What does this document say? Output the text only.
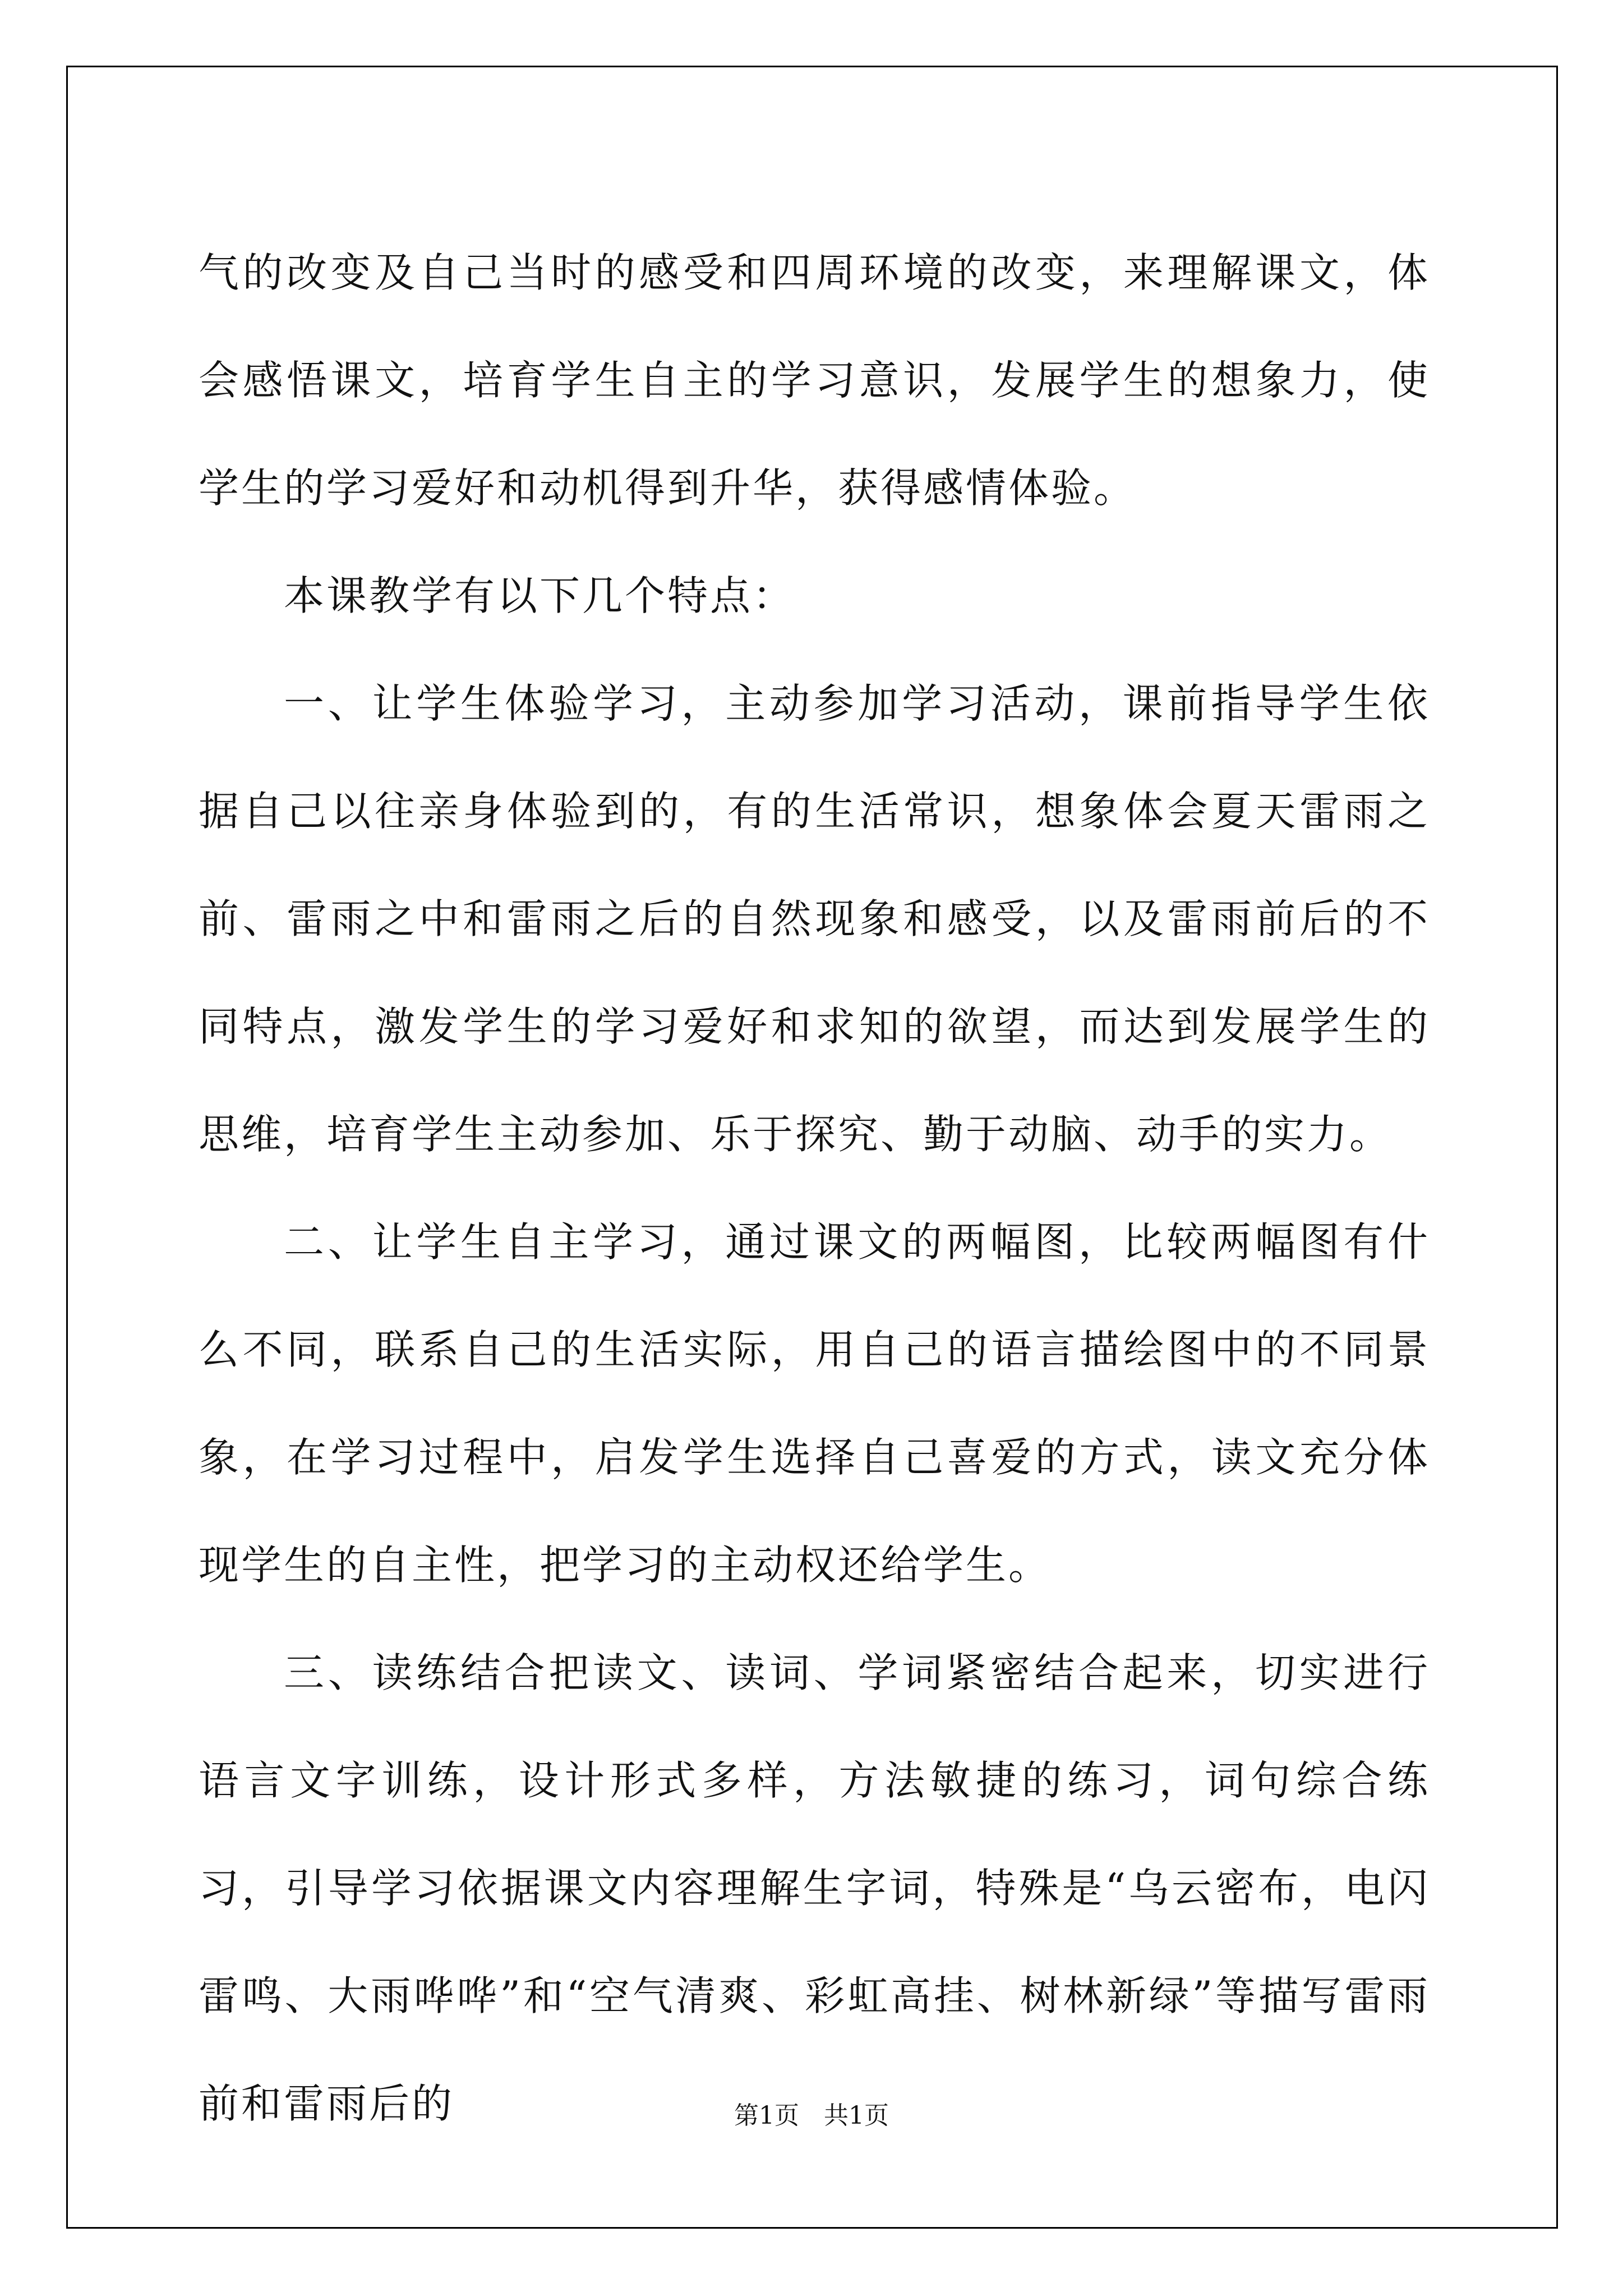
气的改变及自己当时的感受和四周环境的改变，来理解课文，体会感悟课文，培育学生自主的学习意识，发展学生的想象力，使学生的学习爱好和动机得到升华，获得感情体验。

本课教学有以下几个特点：

一、让学生体验学习，主动参加学习活动，课前指导学生依据自己以往亲身体验到的，有的生活常识，想象体会夏天雷雨之前、雷雨之中和雷雨之后的自然现象和感受，以及雷雨前后的不同特点，激发学生的学习爱好和求知的欲望，而达到发展学生的思维，培育学生主动参加、乐于探究、勤于动脑、动手的实力。

二、让学生自主学习，通过课文的两幅图，比较两幅图有什么不同，联系自己的生活实际，用自己的语言描绘图中的不同景象，在学习过程中，启发学生选择自己喜爱的方式，读文充分体现学生的自主性，把学习的主动权还给学生。

三、读练结合把读文、读词、学词紧密结合起来，切实进行语言文字训练，设计形式多样，方法敏捷的练习，词句综合练习，引导学习依据课文内容理解生字词，特殊是“乌云密布，电闪雷鸣、大雨哗哗”和“空气清爽、彩虹高挂、树林新绿”等描写雷雨前和雷雨后的	第1页 共1页
